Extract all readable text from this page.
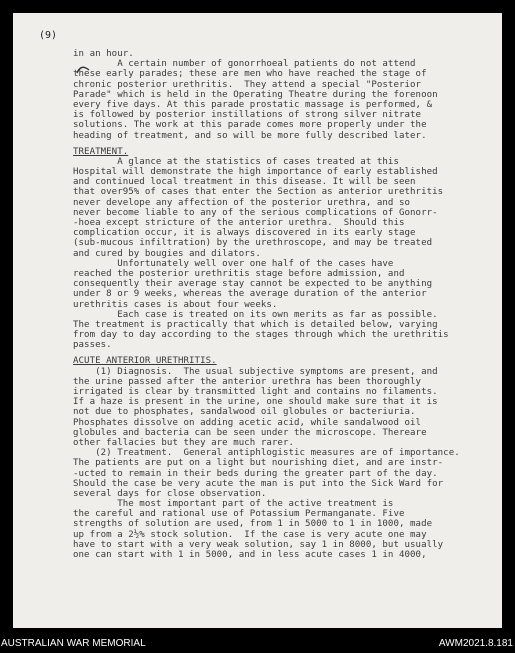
(9)
in an hour.
A certain number of gonorrhoeal patients do not attend
these early parades; these are men who have reached the stage of
chronic posterior urethritis.  They attend a special "Posterior
Parade" which is held in the Operating Theatre during the forenoon
every five days. At this parade prostatic massage is performed, &
is followed by posterior instillations of strong silver nitrate
solutions. The work at this parade comes more properly under the
heading of treatment, and so will be more fully described later.
TREATMENT.
A glance at the statistics of cases treated at this
Hospital will demonstrate the high importance of early established
and continued local treatment in this disease. It will be seen
that over95% of cases that enter the Section as anterior urethritis
never develope any affection of the posterior urethra, and so
never become liable to any of the serious complications of Gonorr-
-hoea except stricture of the anterior urethra.  Should this
complication occur, it is always discovered in its early stage
(sub-mucous infiltration) by the urethroscope, and may be treated
and cured by bougies and dilators.
Unfortunately well over one half of the cases have
reached the posterior urethritis stage before admission, and
consequently their average stay cannot be expected to be anything
under 8 or 9 weeks, whereas the average duration of the anterior
urethritis cases is about four weeks.
Each case is treated on its own merits as far as possible.
The treatment is practically that which is detailed below, varying
from day to day according to the stages through which the urethritis
passes.
ACUTE ANTERIOR URETHRITIS.
(1) Diagnosis.  The usual subjective symptoms are present, and
the urine passed after the anterior urethra has been thoroughly
irrigated is clear by transmitted light and contains no filaments.
If a haze is present in the urine, one should make sure that it is
not due to phosphates, sandalwood oil globules or bacteriuria.
Phosphates dissolve on adding acetic acid, while sandalwood oil
globules and bacteria can be seen under the microscope. Thereare
other fallacies but they are much rarer.
(2) Treatment.  General antiphlogistic measures are of importance.
The patients are put on a light but nourishing diet, and are instr-
-ucted to remain in their beds during the greater part of the day.
Should the case be very acute the man is put into the Sick Ward for
several days for close observation.
The most important part of the active treatment is
the careful and rational use of Potassium Permanganate. Five
strengths of solution are used, from 1 in 5000 to 1 in 1000, made
up from a 2½% stock solution.  If the case is very acute one may
have to start with a very weak solution, say 1 in 8000, but usually
one can start with 1 in 5000, and in less acute cases 1 in 4000,
AUSTRALIAN WAR MEMORIAL	AWM2021.8.181
